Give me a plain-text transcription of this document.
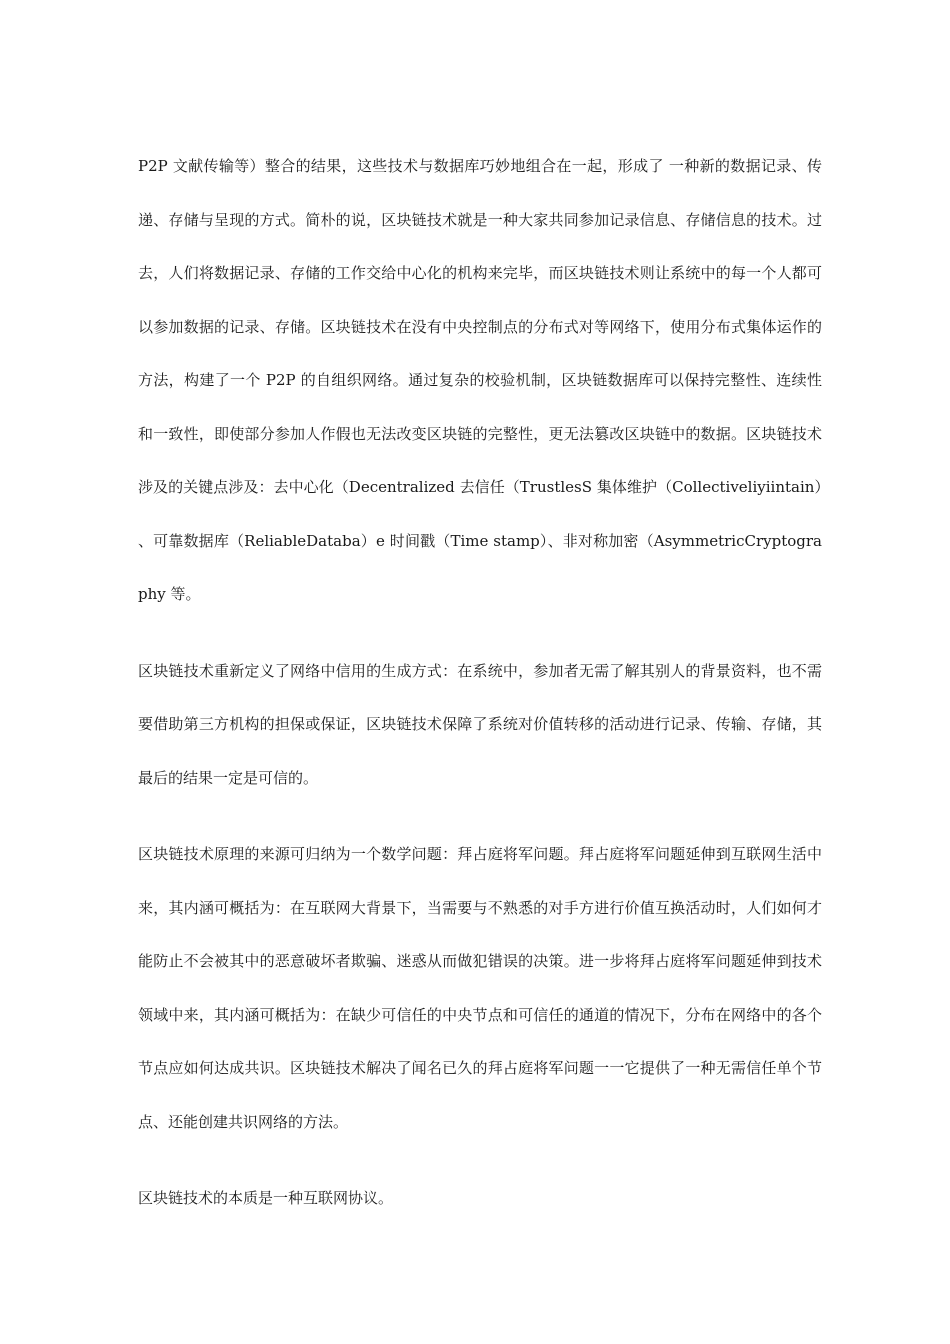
P2P 文献传输等）整合的结果，这些技术与数据库巧妙地组合在一起，形成了 一种新的数据记录、传递、存储与呈现的方式。简朴的说，区块链技术就是一种大家共同参加记录信息、存储信息的技术。过去，人们将数据记录、存储的工作交给中心化的机构来完毕，而区块链技术则让系统中的每一个人都可以参加数据的记录、存储。区块链技术在没有中央控制点的分布式对等网络下，使用分布式集体运作的方法，构建了一个 P2P 的自组织网络。通过复杂的校验机制，区块链数据库可以保持完整性、连续性和一致性，即使部分参加人作假也无法改变区块链的完整性，更无法篡改区块链中的数据。区块链技术涉及的关键点涉及：去中心化（Decentralized 去信任（TrustlesS 集体维护（Collectiveliyiintain）、可靠数据库（ReliableDataba）e 时间戳（Time stamp）、非对称加密（AsymmetricCryptography 等。

区块链技术重新定义了网络中信用的生成方式：在系统中，参加者无需了解其别人的背景资料，也不需要借助第三方机构的担保或保证，区块链技术保障了系统对价值转移的活动进行记录、传输、存储，其最后的结果一定是可信的。

区块链技术原理的来源可归纳为一个数学问题：拜占庭将军问题。拜占庭将军问题延伸到互联网生活中来，其内涵可概括为：在互联网大背景下，当需要与不熟悉的对手方进行价值互换活动时，人们如何才能防止不会被其中的恶意破坏者欺骗、迷惑从而做犯错误的决策。进一步将拜占庭将军问题延伸到技术领域中来，其内涵可概括为：在缺少可信任的中央节点和可信任的通道的情况下，分布在网络中的各个节点应如何达成共识。区块链技术解决了闻名已久的拜占庭将军问题一一它提供了一种无需信任单个节点、还能创建共识网络的方法。

区块链技术的本质是一种互联网协议。
